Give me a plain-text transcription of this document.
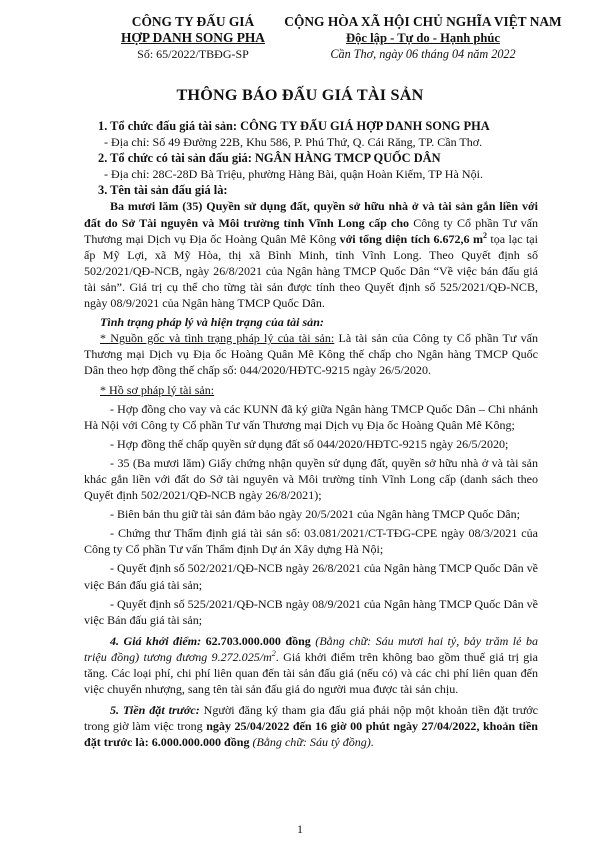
CÔNG TY ĐẤU GIÁ
HỢP DANH SONG PHA
Số: 65/2022/TBĐG-SP
CỘNG HÒA XÃ HỘI CHỦ NGHĨA VIỆT NAM
Độc lập - Tự do - Hạnh phúc
Cần Thơ, ngày 06 tháng 04 năm 2022
THÔNG BÁO ĐẤU GIÁ TÀI SẢN

1. Tổ chức đấu giá tài sản: CÔNG TY ĐẤU GIÁ HỢP DANH SONG PHA

- Địa chỉ: Số 49 Đường 22B, Khu 586, P. Phú Thứ, Q. Cái Răng, TP. Cần Thơ.

2. Tổ chức có tài sản đấu giá: NGÂN HÀNG TMCP QUỐC DÂN

- Địa chỉ: 28C-28D Bà Triệu, phường Hàng Bài, quận Hoàn Kiếm, TP Hà Nội.

3. Tên tài sản đấu giá là:

Ba mươi lăm (35) Quyền sử dụng đất, quyền sở hữu nhà ở và tài sản gắn liền với đất do Sở Tài nguyên và Môi trường tỉnh Vĩnh Long cấp cho Công ty Cổ phần Tư vấn Thương mại Dịch vụ Địa ốc Hoàng Quân Mê Kông với tổng diện tích 6.672,6 $m^2$ tọa lạc tại ấp Mỹ Lợi, xã Mỹ Hòa, thị xã Bình Minh, tỉnh Vĩnh Long. Theo Quyết định số 502/2021/QĐ-NCB, ngày 26/8/2021 của Ngân hàng TMCP Quốc Dân “Về việc bán đấu giá tài sản”. Giá trị cụ thể cho từng tài sản được tính theo Quyết định số 525/2021/QĐ-NCB, ngày 08/9/2021 của Ngân hàng TMCP Quốc Dân.

Tình trạng pháp lý và hiện trạng của tài sản:

* Nguồn gốc và tình trạng pháp lý của tài sản: Là tài sản của Công ty Cổ phần Tư vấn Thương mại Dịch vụ Địa ốc Hoàng Quân Mê Kông thế chấp cho Ngân hàng TMCP Quốc Dân theo hợp đồng thế chấp số: 044/2020/HĐTC-9215 ngày 26/5/2020.

* Hồ sơ pháp lý tài sản:

- Hợp đồng cho vay và các KUNN đã ký giữa Ngân hàng TMCP Quốc Dân – Chi nhánh Hà Nội với Công ty Cổ phần Tư vấn Thương mại Dịch vụ Địa ốc Hoàng Quân Mê Kông;

- Hợp đồng thế chấp quyền sử dụng đất số 044/2020/HĐTC-9215 ngày 26/5/2020;

- 35 (Ba mươi lăm) Giấy chứng nhận quyền sử dụng đất, quyền sở hữu nhà ở và tài sản khác gắn liền với đất do Sở tài nguyên và Môi trường tỉnh Vĩnh Long cấp (danh sách theo Quyết định 502/2021/QĐ-NCB ngày 26/8/2021);

- Biên bản thu giữ tài sản đảm bảo ngày 20/5/2021 của Ngân hàng TMCP Quốc Dân;

- Chứng thư Thẩm định giá tài sản số: 03.081/2021/CT-TĐG-CPE ngày 08/3/2021 của Công ty Cổ phần Tư vấn Thẩm định Dự án Xây dựng Hà Nội;

- Quyết định số 502/2021/QĐ-NCB ngày 26/8/2021 của Ngân hàng TMCP Quốc Dân về việc Bán đấu giá tài sản;

- Quyết định số 525/2021/QĐ-NCB ngày 08/9/2021 của Ngân hàng TMCP Quốc Dân về việc Bán đấu giá tài sản;

4. Giá khởi điểm: 62.703.000.000 đồng (Bằng chữ: Sáu mươi hai tỷ, bảy trăm lẻ ba triệu đồng) tương đương $9.272.025/m^2$. Giá khởi điểm trên không bao gồm thuế giá trị gia tăng. Các loại phí, chi phí liên quan đến tài sản đấu giá (nếu có) và các chi phí liên quan đến việc chuyển nhượng, sang tên tài sản đấu giá do người mua được tài sản chịu.

5. Tiền đặt trước: Người đăng ký tham gia đấu giá phải nộp một khoản tiền đặt trước trong giờ làm việc trong ngày 25/04/2022 đến 16 giờ 00 phút ngày 27/04/2022, khoản tiền đặt trước là: 6.000.000.000 đồng (Bằng chữ: Sáu tỷ đồng).

1
